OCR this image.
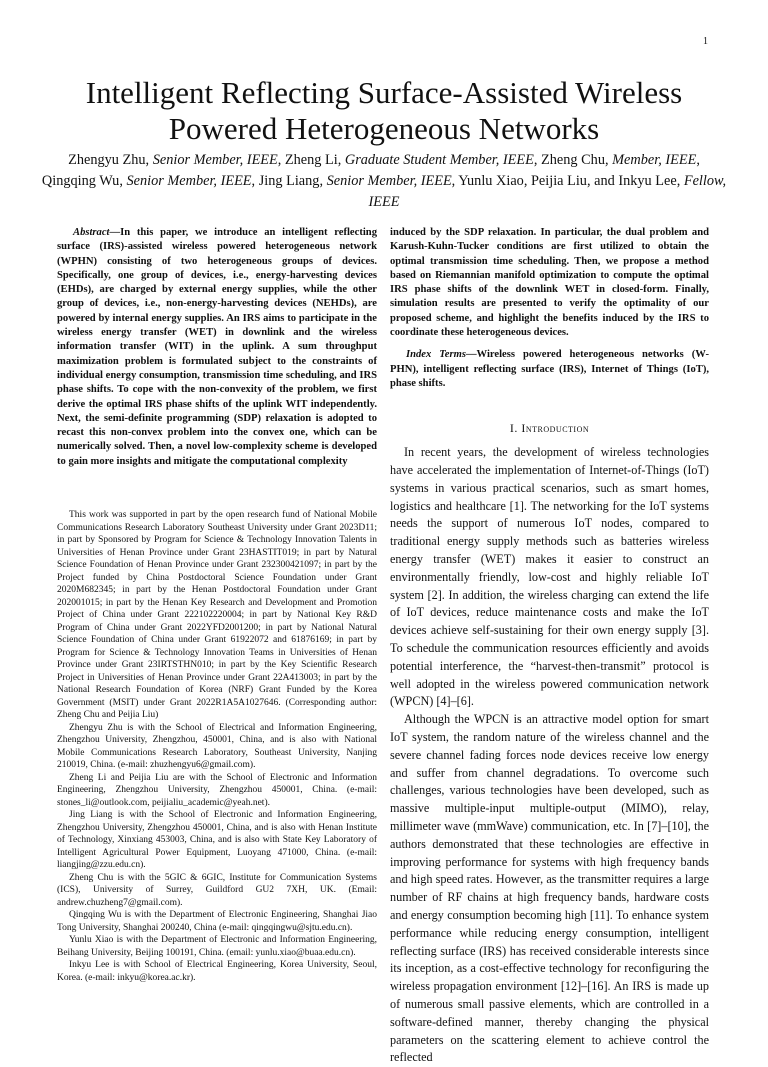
1
Intelligent Reflecting Surface-Assisted Wireless Powered Heterogeneous Networks

Zhengyu Zhu, Senior Member, IEEE, Zheng Li, Graduate Student Member, IEEE, Zheng Chu, Member, IEEE,
Qingqing Wu, Senior Member, IEEE, Jing Liang, Senior Member, IEEE, Yunlu Xiao, Peijia Liu, and Inkyu Lee, Fellow, IEEE

Abstract—In this paper, we introduce an intelligent reflecting surface (IRS)-assisted wireless powered heterogeneous network (WPHN) consisting of two heterogeneous groups of devices. Specifically, one group of devices, i.e., energy-harvesting devices (EHDs), are charged by external energy supplies, while the other group of devices, i.e., non-energy-harvesting devices (NEHDs), are powered by internal energy supplies. An IRS aims to participate in the wireless energy transfer (WET) in downlink and the wireless information transfer (WIT) in the uplink. A sum throughput maximization problem is formulated subject to the constraints of individual energy consumption, transmission time scheduling, and IRS phase shifts. To cope with the non-convexity of the problem, we first derive the optimal IRS phase shifts of the uplink WIT independently. Next, the semi-definite programming (SDP) relaxation is adopted to recast this non-convex problem into the convex one, which can be numerically solved. Then, a novel low-complexity scheme is developed to gain more insights and mitigate the computational complexity

This work was supported in part by the open research fund of National Mobile Communications Research Laboratory Southeast University under Grant 2023D11; in part by Sponsored by Program for Science & Technology Innovation Talents in Universities of Henan Province under Grant 23HASTIT019; in part by Natural Science Foundation of Henan Province under Grant 232300421097; in part by the Project funded by China Postdoctoral Science Foundation under Grant 2020M682345; in part by the Henan Postdoctoral Foundation under Grant 202001015; in part by the Henan Key Research and Development and Promotion Project of China under Grant 222102220004; in part by National Key R&D Program of China under Grant 2022YFD2001200; in part by National Natural Science Foundation of China under Grant 61922072 and 61876169; in part by Program for Science & Technology Innovation Teams in Universities of Henan Province under Grant 23IRTSTHN010; in part by the Key Scientific Research Project in Universities of Henan Province under Grant 22A413003; in part by the National Research Foundation of Korea (NRF) Grant Funded by the Korea Government (MSIT) under Grant 2022R1A5A1027646. (Corresponding author: Zheng Chu and Peijia Liu)

Zhengyu Zhu is with the School of Electrical and Information Engineering, Zhengzhou University, Zhengzhou, 450001, China, and is also with National Mobile Communications Research Laboratory, Southeast University, Nanjing 210019, China. (e-mail: zhuzhengyu6@gmail.com).

Zheng Li and Peijia Liu are with the School of Electronic and Information Engineering, Zhengzhou University, Zhengzhou 450001, China. (e-mail: stones_li@outlook.com, peijialiu_academic@yeah.net).

Jing Liang is with the School of Electronic and Information Engineering, Zhengzhou University, Zhengzhou 450001, China, and is also with Henan Institute of Technology, Xinxiang 453003, China, and is also with State Key Laboratory of Intelligent Agricultural Power Equipment, Luoyang 471000, China. (e-mail: liangjing@zzu.edu.cn).

Zheng Chu is with the 5GIC & 6GIC, Institute for Communication Systems (ICS), University of Surrey, Guildford GU2 7XH, UK. (Email: andrew.chuzheng7@gmail.com).

Qingqing Wu is with the Department of Electronic Engineering, Shanghai Jiao Tong University, Shanghai 200240, China (e-mail: qingqingwu@sjtu.edu.cn).

Yunlu Xiao is with the Department of Electronic and Information Engineering, Beihang University, Beijing 100191, China. (email: yunlu.xiao@buaa.edu.cn).

Inkyu Lee is with School of Electrical Engineering, Korea University, Seoul, Korea. (e-mail: inkyu@korea.ac.kr).

induced by the SDP relaxation. In particular, the dual problem and Karush-Kuhn-Tucker conditions are first utilized to obtain the optimal transmission time scheduling. Then, we propose a method based on Riemannian manifold optimization to compute the optimal IRS phase shifts of the downlink WET in closed-form. Finally, simulation results are presented to verify the optimality of our proposed scheme, and highlight the benefits induced by the IRS to coordinate these heterogeneous devices.

Index Terms—Wireless powered heterogeneous networks (W-PHN), intelligent reflecting surface (IRS), Internet of Things (IoT), phase shifts.

I. Introduction

In recent years, the development of wireless technologies have accelerated the implementation of Internet-of-Things (IoT) systems in various practical scenarios, such as smart homes, logistics and healthcare [1]. The networking for the IoT systems needs the support of numerous IoT nodes, compared to traditional energy supply methods such as batteries wireless energy transfer (WET) makes it easier to construct an environmentally friendly, low-cost and highly reliable IoT system [2]. In addition, the wireless charging can extend the life of IoT devices, reduce maintenance costs and make the IoT devices achieve self-sustaining for their own energy supply [3]. To schedule the communication resources efficiently and avoids potential interference, the “harvest-then-transmit” protocol is well adopted in the wireless powered communication network (WPCN) [4]–[6].

Although the WPCN is an attractive model option for smart IoT system, the random nature of the wireless channel and the severe channel fading forces node devices receive low energy and suffer from channel degradations. To overcome such challenges, various technologies have been developed, such as massive multiple-input multiple-output (MIMO), relay, millimeter wave (mmWave) communication, etc. In [7]–[10], the authors demonstrated that these technologies are effective in improving performance for systems with high frequency bands and high speed rates. However, as the transmitter requires a large number of RF chains at high frequency bands, hardware costs and energy consumption becoming high [11]. To enhance system performance while reducing energy consumption, intelligent reflecting surface (IRS) has received considerable interests since its inception, as a cost-effective technology for reconfiguring the wireless propagation environment [12]–[16]. An IRS is made up of numerous small passive elements, which are controlled in a software-defined manner, thereby changing the physical parameters on the scattering element to achieve control the reflected
